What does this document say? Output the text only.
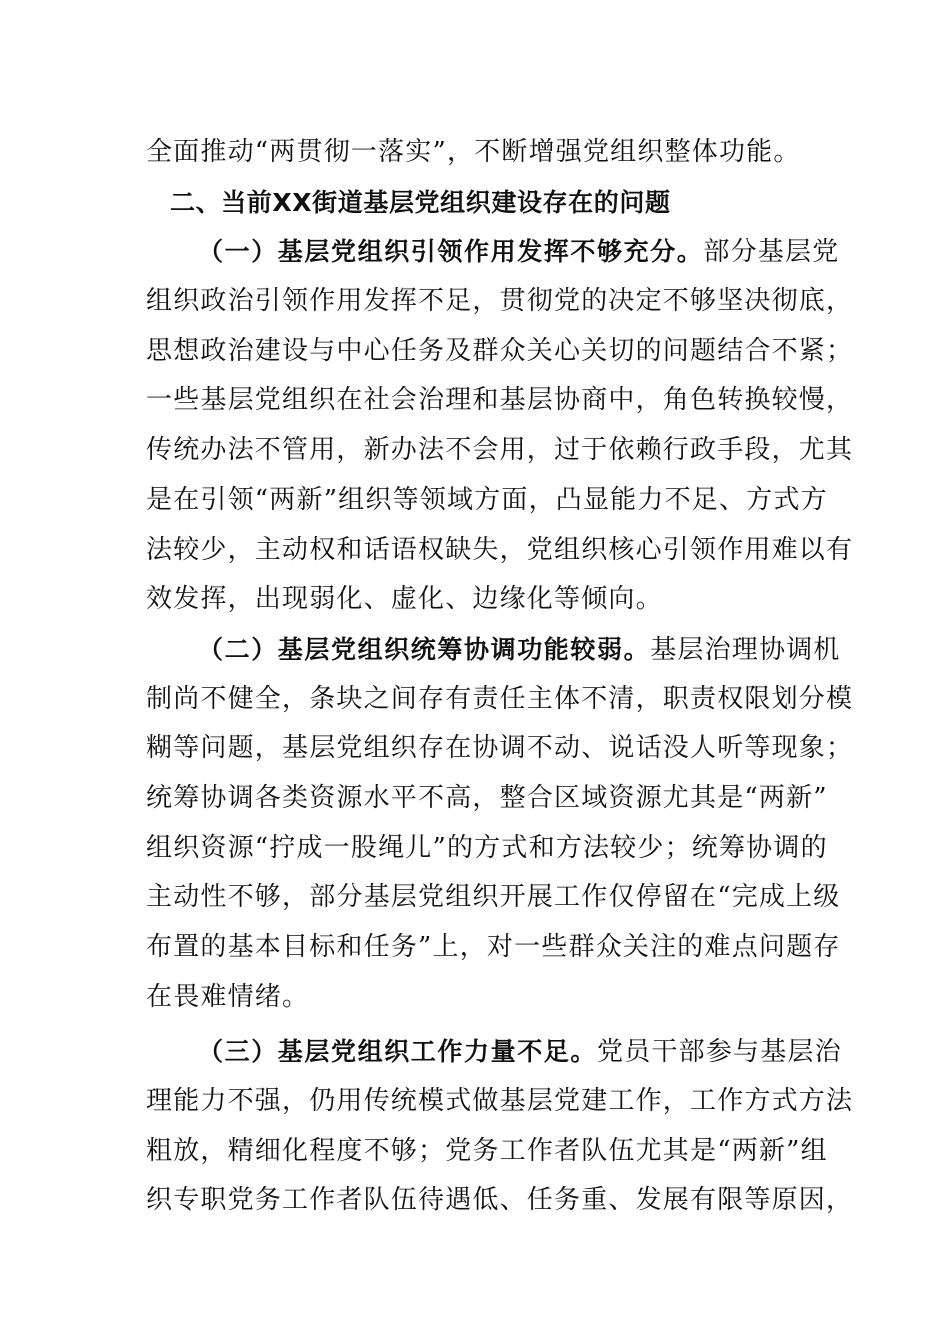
全面推动“两贯彻一落实”，不断增强党组织整体功能。
二、当前XX街道基层党组织建设存在的问题
（一）基层党组织引领作用发挥不够充分。部分基层党
组织政治引领作用发挥不足，贯彻党的决定不够坚决彻底，
思想政治建设与中心任务及群众关心关切的问题结合不紧；
一些基层党组织在社会治理和基层协商中，角色转换较慢，
传统办法不管用，新办法不会用，过于依赖行政手段，尤其
是在引领“两新”组织等领域方面，凸显能力不足、方式方
法较少，主动权和话语权缺失，党组织核心引领作用难以有
效发挥，出现弱化、虚化、边缘化等倾向。
（二）基层党组织统筹协调功能较弱。基层治理协调机
制尚不健全，条块之间存有责任主体不清，职责权限划分模
糊等问题，基层党组织存在协调不动、说话没人听等现象；
统筹协调各类资源水平不高，整合区域资源尤其是“两新”
组织资源“拧成一股绳儿”的方式和方法较少；统筹协调的
主动性不够，部分基层党组织开展工作仅停留在“完成上级
布置的基本目标和任务”上，对一些群众关注的难点问题存
在畏难情绪。
（三）基层党组织工作力量不足。党员干部参与基层治
理能力不强，仍用传统模式做基层党建工作，工作方式方法
粗放，精细化程度不够；党务工作者队伍尤其是“两新”组
织专职党务工作者队伍待遇低、任务重、发展有限等原因，
